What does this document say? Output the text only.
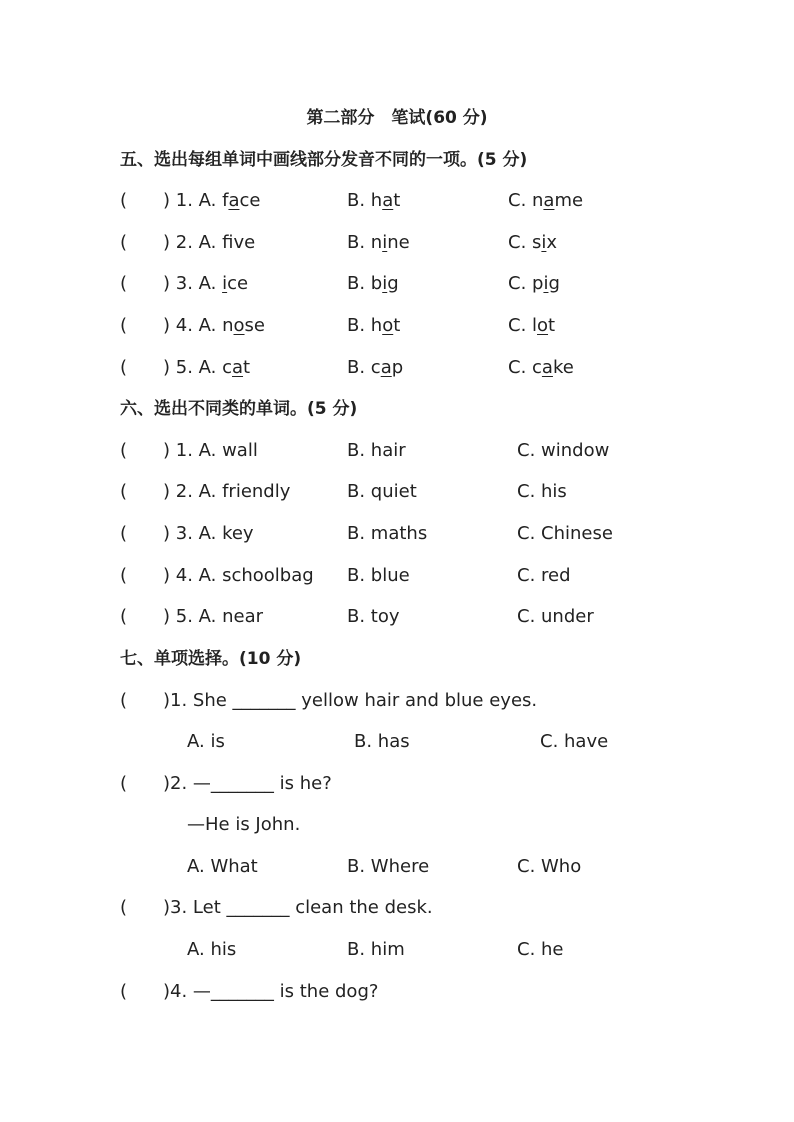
第二部分　笔试(60 分)
五、选出每组单词中画线部分发音不同的一项。(5 分)
( ) 1. A. face	B. hat	C. name
( ) 2. A. fve	B. nine	C. six
( ) 3. A. ice	B. big	C. pig
( ) 4. A. nose	B. hot	C. lot
( ) 5. A. cat	B. cap	C. cake
六、选出不同类的单词。(5 分)
( ) 1. A. wall	B. hair	C. window
( ) 2. A. friendly	B. quiet	C. his
( ) 3. A. key	B. maths	C. Chinese
( ) 4. A. schoolbag B. blue	C. red
( ) 5. A. near	B. toy	C. under
七、单项选择。(10 分)
( )1. She _______ yellow hair and blue eyes.
A. is	B. has	C. have
( )2. —_______ is he?
—He is John.
A. What	B. Where	C. Who
( )3. Let _______ clean the desk.
A. his	B. him	C. he
( )4. —_______ is the dog?
